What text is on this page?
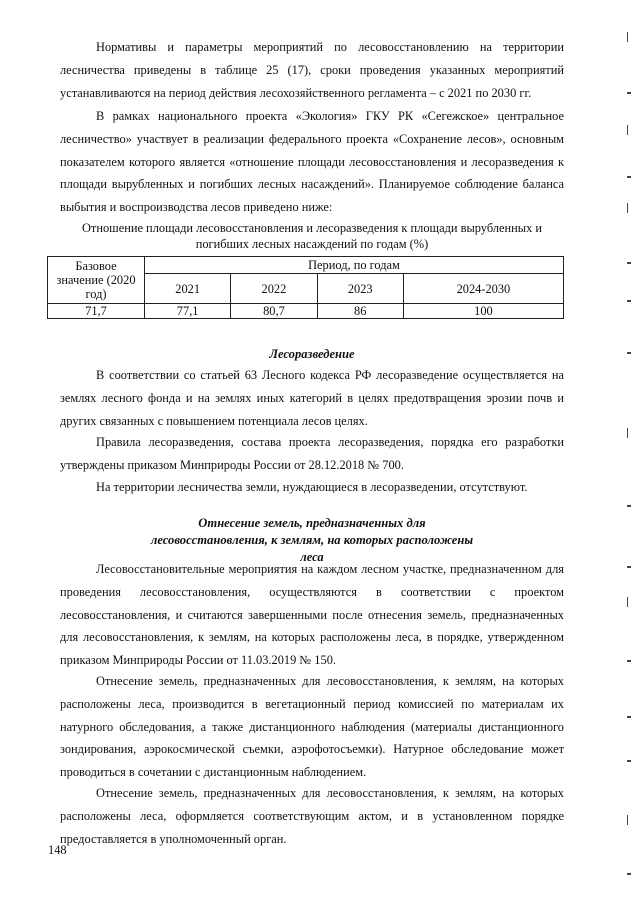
Нормативы и параметры мероприятий по лесовосстановлению на территории лесничества приведены в таблице 25 (17), сроки проведения указанных мероприятий устанавливаются на период действия лесохозяйственного регламента – с 2021 по 2030 гг.

В рамках национального проекта «Экология» ГКУ РК «Сегежское» центральное лесничество» участвует в реализации федерального проекта «Сохранение лесов», основным показателем которого является «отношение площади лесовосстановления и лесоразведения к площади вырубленных и погибших лесных насаждений». Планируемое соблюдение баланса выбытия и воспроизводства лесов приведено ниже:

Отношение площади лесовосстановления и лесоразведения к площади вырубленных и погибших лесных насаждений по годам (%)

Базовое значение (2020 год)	Период, по годам			
	2021	2022	2023	2024-2030
71,7	77,1	80,7	86	100

Лесоразведение

В соответствии со статьей 63 Лесного кодекса РФ лесоразведение осуществляется на землях лесного фонда и на землях иных категорий в целях предотвращения эрозии почв и других связанных с повышением потенциала лесов целях.

Правила лесоразведения, состава проекта лесоразведения, порядка его разработки утверждены приказом Минприроды России от 28.12.2018 № 700.

На территории лесничества земли, нуждающиеся в лесоразведении, отсутствуют.

Отнесение земель, предназначенных для лесовосстановления, к землям, на которых расположены леса

Лесовосстановительные мероприятия на каждом лесном участке, предназначенном для проведения лесовосстановления, осуществляются в соответствии с проектом лесовосстановления, и считаются завершенными после отнесения земель, предназначенных для лесовосстановления, к землям, на которых расположены леса, в порядке, утвержденном приказом Минприроды России от 11.03.2019 № 150.

Отнесение земель, предназначенных для лесовосстановления, к землям, на которых расположены леса, производится в вегетационный период комиссией по материалам их натурного обследования, а также дистанционного наблюдения (материалы дистанционного зондирования, аэрокосмической съемки, аэрофотосъемки). Натурное обследование может проводиться в сочетании с дистанционным наблюдением.

Отнесение земель, предназначенных для лесовосстановления, к землям, на которых расположены леса, оформляется соответствующим актом, и в установленном порядке предоставляется в уполномоченный орган.

148
